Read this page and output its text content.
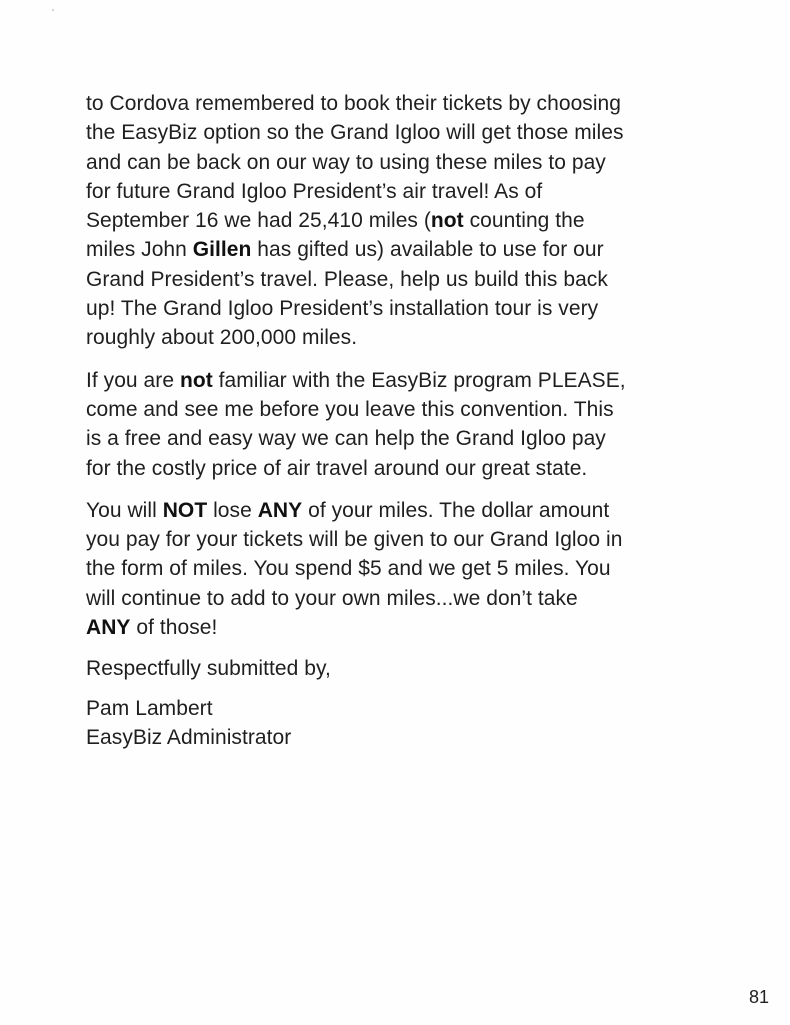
to Cordova remembered to book their tickets by choosing
the EasyBiz option so the Grand Igloo will get those miles
and can be back on our way to using these miles to pay
for future Grand Igloo President’s air travel! As of
September 16 we had 25,410 miles (not counting the
miles John Gillen has gifted us) available to use for our
Grand President’s travel. Please, help us build this back
up! The Grand Igloo President’s installation tour is very
roughly about 200,000 miles.

If you are not familiar with the EasyBiz program PLEASE,
come and see me before you leave this convention. This
is a free and easy way we can help the Grand Igloo pay
for the costly price of air travel around our great state.

You will NOT lose ANY of your miles. The dollar amount
you pay for your tickets will be given to our Grand Igloo in
the form of miles. You spend $5 and we get 5 miles. You
will continue to add to your own miles...we don’t take
ANY of those!

Respectfully submitted by,

Pam Lambert
EasyBiz Administrator

81
